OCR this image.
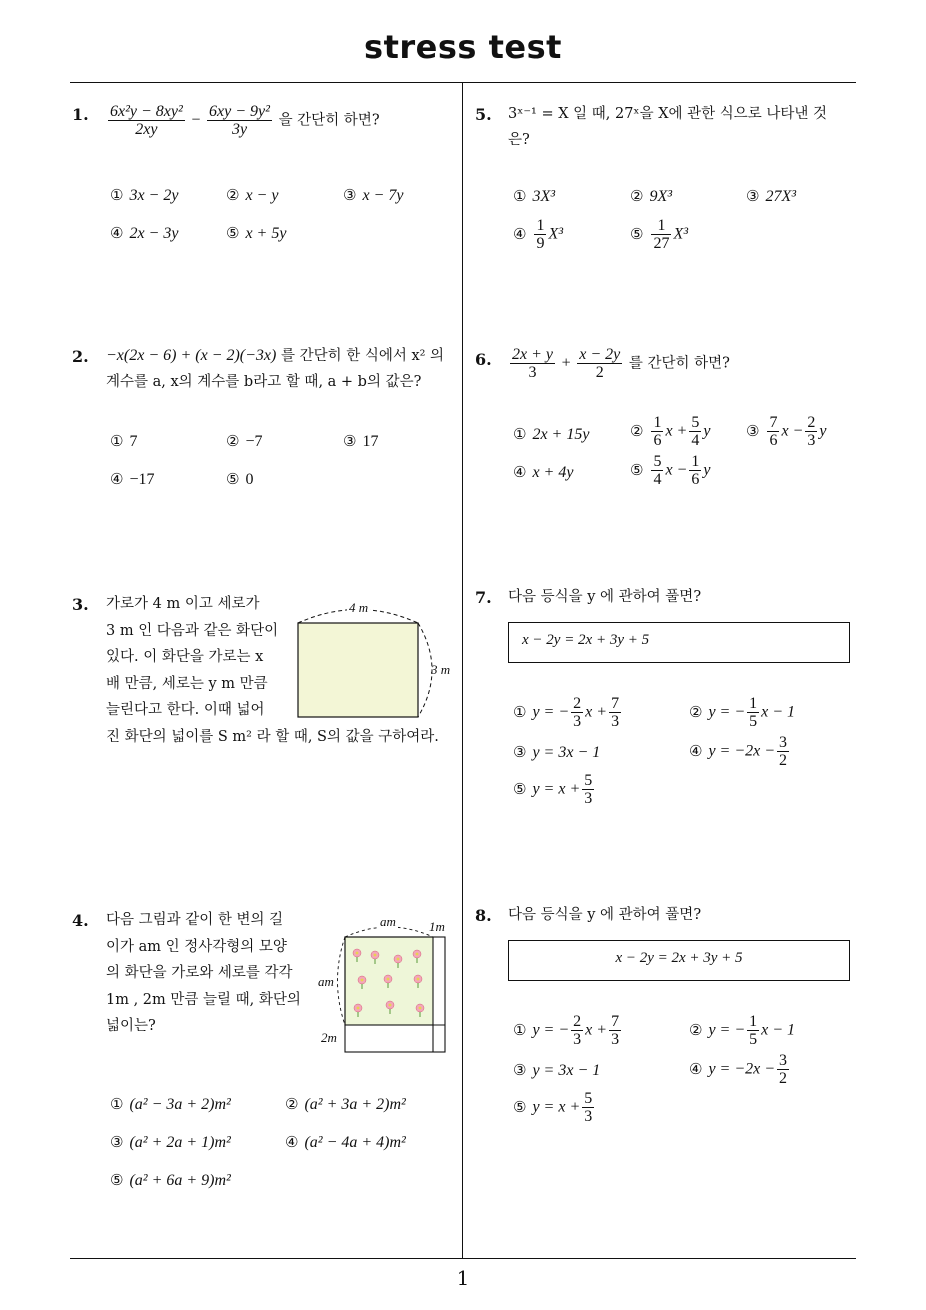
stress test
1
1. $\frac{\text{6x²y − 8xy²}}{2xy} - \frac{\text{6xy − 9y²}}{3y}$ 을 간단히 하면?
① 3x − 2y	② x − y	③ x − 7y
④ 2x − 3y	⑤ x + 5y
2. −x(2x − 6) + (x − 2)(−3x) 를 간단히 한 식에서 x² 의
계수를 a, x의 계수를 b라고 할 때, a + b의 값은?
① 7	② −7	③ 17
④ −17	⑤ 0
3. 가로가 4 m 이고 세로가
3 m 인 다음과 같은 화단이
있다. 이 화단을 가로는 x
배 만큼, 세로는 y m 만큼
늘린다고 한다. 이때 넓어
진 화단의 넓이를 S m² 라 할 때, S의 값을 구하여라.
4 m
3 m
4. 다음 그림과 같이 한 변의 길
이가 am 인 정사각형의 모양
의 화단을 가로와 세로를 각각
1m , 2m 만큼 늘릴 때, 화단의
넓이는?
am	1m
am
2m
① (a² − 3a + 2)m²	② (a² + 3a + 2)m²
③ (a² + 2a + 1)m²	④ (a² − 4a + 4)m²
⑤ (a² + 6a + 9)m²
5. 3ˣ⁻¹ = X 일 때, 27ˣ을 X에 관한 식으로 나타낸 것
은?
① 3X³	② 9X³	③ 27X³
④ $\frac{1}{9} X^3$	⑤ $\frac{1}{27} X^3$
6. $\frac{2x + y}{3} + \frac{x - 2y}{2}$ 를 간단히 하면?
① 2x + 15y	② $\frac{1}{6}$ $x + \frac{5}{4}$ y ③ $\frac{7}{6}$ $x - \frac{2}{3}$ y
④ x + 4y	⑤ $\frac{5}{4}$ $x - \frac{1}{6}$ y
7. 다음 등식을 y 에 관하여 풀면?
x − 2y = 2x + 3y + 5
① y = − $\frac{2}{3}$ $x + \frac{7}{3}$	② y = − $\frac{1}{5}$ x − 1
③ y = 3x − 1	④ $y = -2x - \frac{3}{2}$
⑤ $y = x + \frac{5}{3}$
8. 다음 등식을 y 에 관하여 풀면?
x − 2y = 2x + 3y + 5
① y = − $\frac{2}{3}$ $x + \frac{7}{3}$	② y = − $\frac{1}{5}$ x − 1
③ y = 3x − 1	④ $y = -2x - \frac{3}{2}$
⑤ $y = x + \frac{5}{3}$
